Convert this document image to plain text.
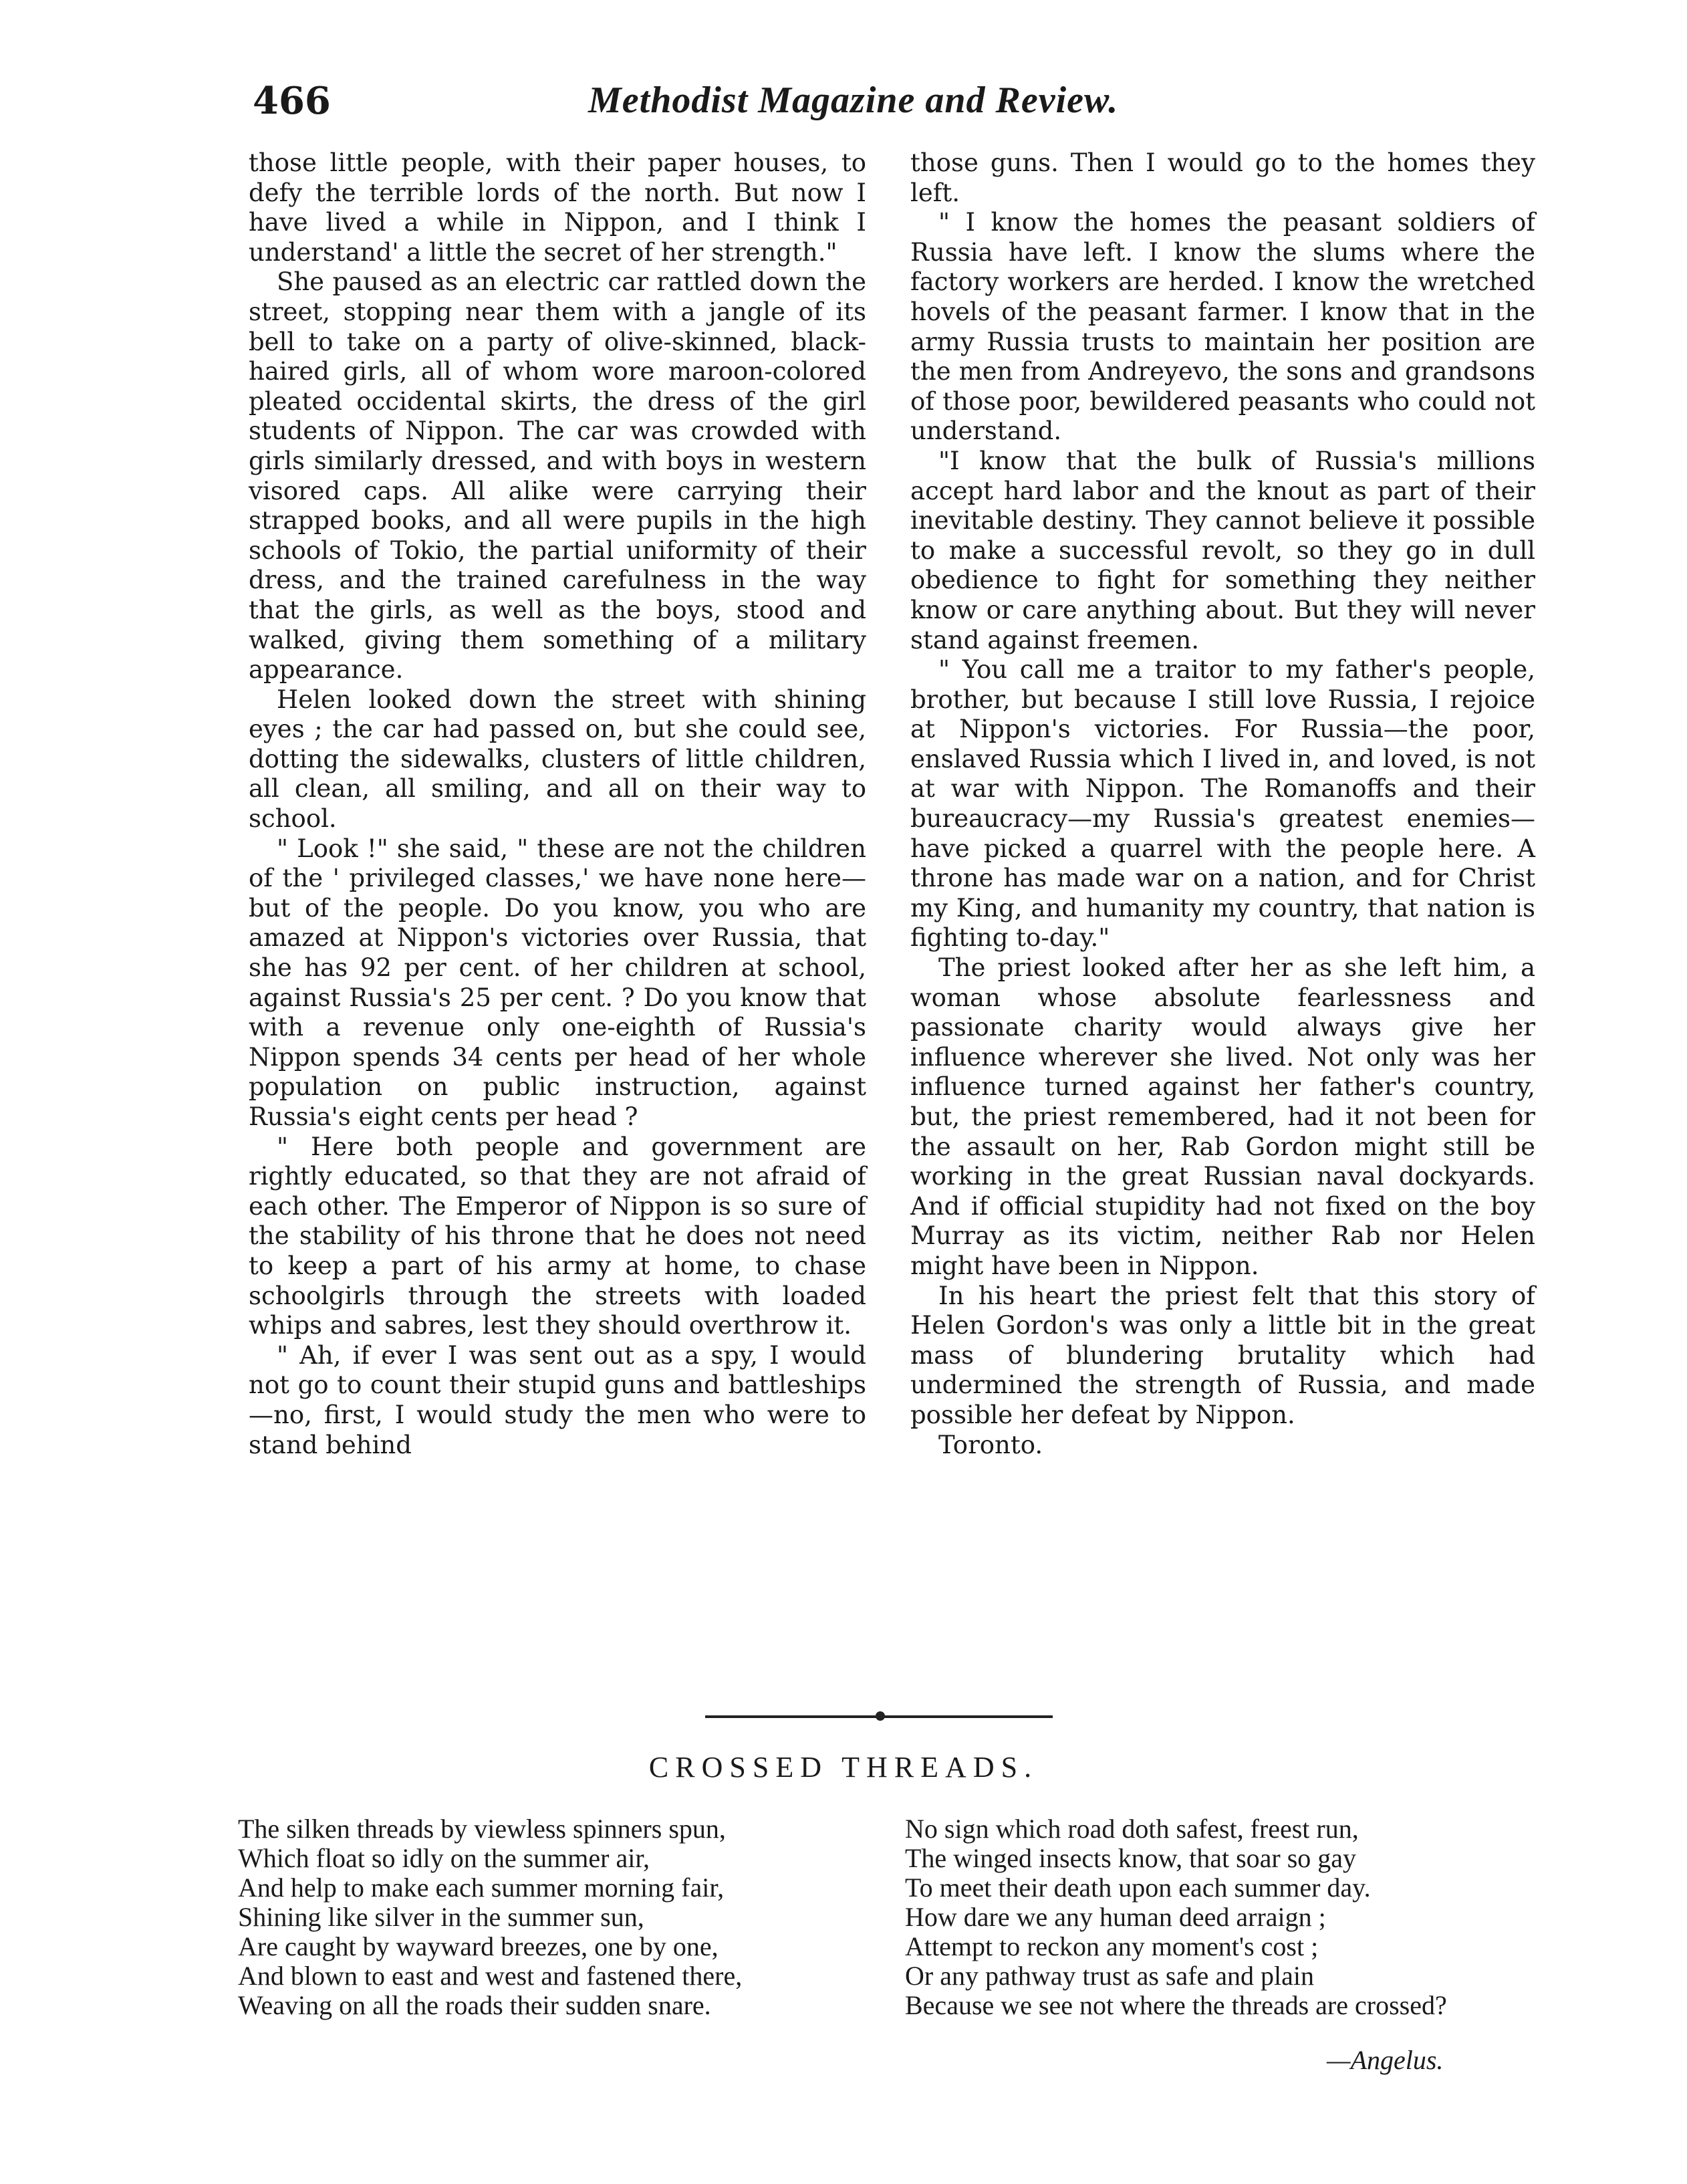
466	Methodist Magazine and Review.

those little people, with their paper houses, to defy the terrible lords of the north. But now I have lived a while in Nippon, and I think I understand' a little the secret of her strength."

She paused as an electric car rattled down the street, stopping near them with a jangle of its bell to take on a party of olive-skinned, black-haired girls, all of whom wore maroon-colored pleated occidental skirts, the dress of the girl students of Nippon. The car was crowded with girls similarly dressed, and with boys in western visored caps. All alike were carrying their strapped books, and all were pupils in the high schools of Tokio, the partial uniformity of their dress, and the trained carefulness in the way that the girls, as well as the boys, stood and walked, giving them something of a military appearance.

Helen looked down the street with shining eyes ; the car had passed on, but she could see, dotting the sidewalks, clusters of little children, all clean, all smiling, and all on their way to school.

" Look !" she said, " these are not the children of the ' privileged classes,' we have none here—but of the people. Do you know, you who are amazed at Nippon's victories over Russia, that she has 92 per cent. of her children at school, against Russia's 25 per cent. ? Do you know that with a revenue only one-eighth of Russia's Nippon spends 34 cents per head of her whole population on public instruction, against Russia's eight cents per head ?

" Here both people and government are rightly educated, so that they are not afraid of each other. The Emperor of Nippon is so sure of the stability of his throne that he does not need to keep a part of his army at home, to chase schoolgirls through the streets with loaded whips and sabres, lest they should overthrow it.

" Ah, if ever I was sent out as a spy, I would not go to count their stupid guns and battleships—no, first, I would study the men who were to stand behind

those guns. Then I would go to the homes they left.

" I know the homes the peasant soldiers of Russia have left. I know the slums where the factory workers are herded. I know the wretched hovels of the peasant farmer. I know that in the army Russia trusts to maintain her position are the men from Andreyevo, the sons and grandsons of those poor, bewildered peasants who could not understand.

"I know that the bulk of Russia's millions accept hard labor and the knout as part of their inevitable destiny. They cannot believe it possible to make a successful revolt, so they go in dull obedience to fight for something they neither know or care anything about. But they will never stand against freemen.

" You call me a traitor to my father's people, brother, but because I still love Russia, I rejoice at Nippon's victories. For Russia—the poor, enslaved Russia which I lived in, and loved, is not at war with Nippon. The Romanoffs and their bureaucracy—my Russia's greatest enemies—have picked a quarrel with the people here. A throne has made war on a nation, and for Christ my King, and humanity my country, that nation is fighting to-day."

The priest looked after her as she left him, a woman whose absolute fearlessness and passionate charity would always give her influence wherever she lived. Not only was her influence turned against her father's country, but, the priest remembered, had it not been for the assault on her, Rab Gordon might still be working in the great Russian naval dockyards. And if official stupidity had not fixed on the boy Murray as its victim, neither Rab nor Helen might have been in Nippon.

In his heart the priest felt that this story of Helen Gordon's was only a little bit in the great mass of blundering brutality which had undermined the strength of Russia, and made possible her defeat by Nippon.

Toronto.

CROSSED THREADS.
The silken threads by viewless spinners spun,
Which float so idly on the summer air,
And help to make each summer morning fair,
Shining like silver in the summer sun,
Are caught by wayward breezes, one by one,
And blown to east and west and fastened there,
Weaving on all the roads their sudden snare.
No sign which road doth safest, freest run,
The winged insects know, that soar so gay
To meet their death upon each summer day.
How dare we any human deed arraign ;
Attempt to reckon any moment's cost ;
Or any pathway trust as safe and plain
Because we see not where the threads are crossed?
—Angelus.
